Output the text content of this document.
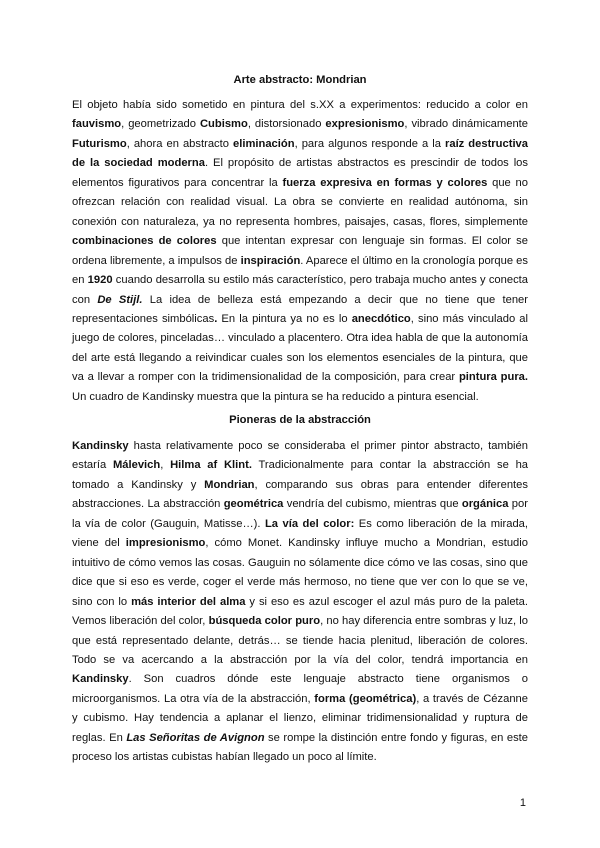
Arte abstracto: Mondrian

El objeto había sido sometido en pintura del s.XX a experimentos: reducido a color en fauvismo, geometrizado Cubismo, distorsionado expresionismo, vibrado dinámicamente Futurismo, ahora en abstracto eliminación, para algunos responde a la raíz destructiva de la sociedad moderna. El propósito de artistas abstractos es prescindir de todos los elementos figurativos para concentrar la fuerza expresiva en formas y colores que no ofrezcan relación con realidad visual. La obra se convierte en realidad autónoma, sin conexión con naturaleza, ya no representa hombres, paisajes, casas, flores, simplemente combinaciones de colores que intentan expresar con lenguaje sin formas. El color se ordena libremente, a impulsos de inspiración. Aparece el último en la cronología porque es en 1920 cuando desarrolla su estilo más característico, pero trabaja mucho antes y conecta con De Stijl. La idea de belleza está empezando a decir que no tiene que tener representaciones simbólicas. En la pintura ya no es lo anecdótico, sino más vinculado al juego de colores, pinceladas… vinculado a placentero. Otra idea habla de que la autonomía del arte está llegando a reivindicar cuales son los elementos esenciales de la pintura, que va a llevar a romper con la tridimensionalidad de la composición, para crear pintura pura. Un cuadro de Kandinsky muestra que la pintura se ha reducido a pintura esencial.

Pioneras de la abstracción

Kandinsky hasta relativamente poco se consideraba el primer pintor abstracto, también estaría Málevich, Hilma af Klint. Tradicionalmente para contar la abstracción se ha tomado a Kandinsky y Mondrian, comparando sus obras para entender diferentes abstracciones. La abstracción geométrica vendría del cubismo, mientras que orgánica por la vía de color (Gauguin, Matisse…). La vía del color: Es como liberación de la mirada, viene del impresionismo, cómo Monet. Kandinsky influye mucho a Mondrian, estudio intuitivo de cómo vemos las cosas. Gauguin no sólamente dice cómo ve las cosas, sino que dice que si eso es verde, coger el verde más hermoso, no tiene que ver con lo que se ve, sino con lo más interior del alma y si eso es azul escoger el azul más puro de la paleta. Vemos liberación del color, búsqueda color puro, no hay diferencia entre sombras y luz, lo que está representado delante, detrás… se tiende hacia plenitud, liberación de colores. Todo se va acercando a la abstracción por la vía del color, tendrá importancia en Kandinsky. Son cuadros dónde este lenguaje abstracto tiene organismos o microorganismos. La otra vía de la abstracción, forma (geométrica), a través de Cézanne y cubismo. Hay tendencia a aplanar el lienzo, eliminar tridimensionalidad y ruptura de reglas. En Las Señoritas de Avignon se rompe la distinción entre fondo y figuras, en este proceso los artistas cubistas habían llegado un poco al límite.

1
